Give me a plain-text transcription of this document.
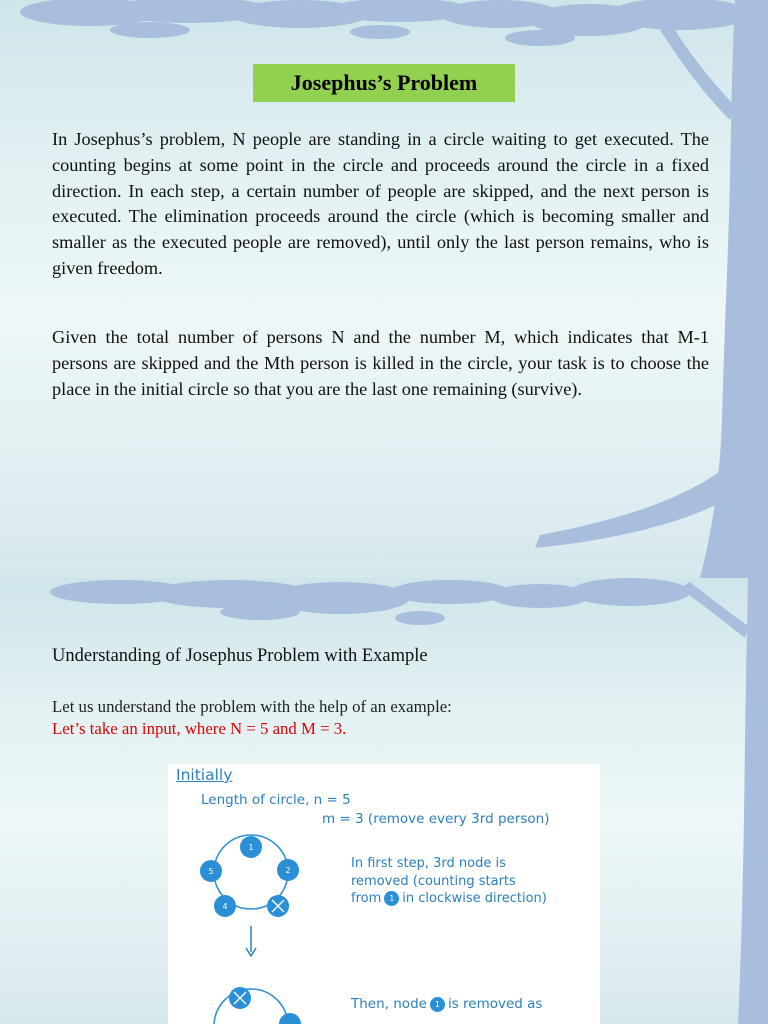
Josephus’s Problem

In Josephus’s problem, N people are standing in a circle waiting to get executed. The counting begins at some point in the circle and proceeds around the circle in a fixed direction. In each step, a certain number of people are skipped, and the next person is executed. The elimination proceeds around the circle (which is becoming smaller and smaller as the executed people are removed), until only the last person remains, who is given freedom.

Given the total number of persons N and the number M, which indicates that M-1 persons are skipped and the Mth person is killed in the circle, your task is to choose the place in the initial circle so that you are the last one remaining (survive).

Understanding of Josephus Problem with Example

Let us understand the problem with the help of an example:

Let’s take an input, where N = 5 and M = 3.

Initially

Length of circle, n = 5

m = 3 (remove every 3rd person)

1
2
4
5
In first step, 3rd node is
removed (counting starts
from 1 in clockwise direction)
Then, node 1 is removed as
